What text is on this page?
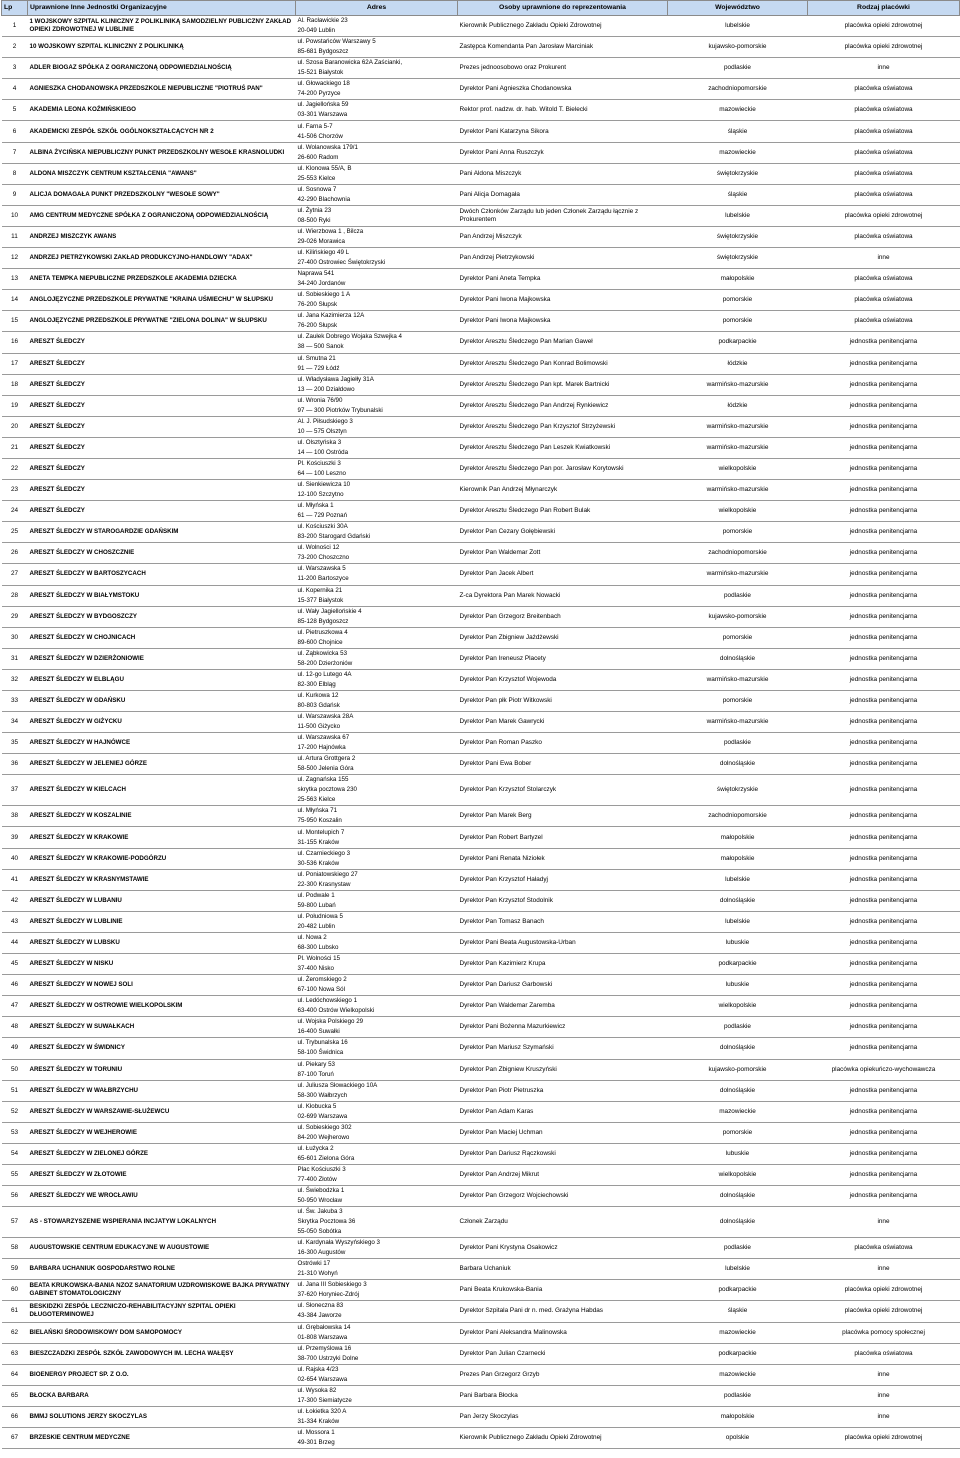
Lp	Uprawnione Inne Jednostki Organizacyjne	Adres	Osoby uprawnione do reprezentowania	Województwo	Rodzaj placówki
1	1 WOJSKOWY SZPITAL KLINICZNY Z POLIKLINIKĄ SAMODZIELNY PUBLICZNY ZAKŁAD OPIEKI ZDROWOTNEJ W LUBLINIE	Al. Racławickie 23
20-049 Lublin	Kierownik Publicznego Zakładu Opieki Zdrowotnej	lubelskie	placówka opieki zdrowotnej
2	10 WOJSKOWY SZPITAL KLINICZNY Z POLIKLINIKĄ	ul. Powstańców Warszawy 5
85-681 Bydgoszcz	Zastępca Komendanta Pan Jarosław Marciniak	kujawsko-pomorskie	placówka opieki zdrowotnej
3	ADLER BIOGAZ SPÓŁKA Z OGRANICZONĄ ODPOWIEDZIALNOŚCIĄ	ul. Szosa Baranowicka 62A Zaścianki,
15-521 Białystok	Prezes jednoosobowo oraz Prokurent	podlaskie	inne
4	AGNIESZKA CHODANOWSKA PRZEDSZKOLE NIEPUBLICZNE "PIOTRUŚ PAN"	ul. Głowackiego 18
74-200 Pyrzyce	Dyrektor Pani Agnieszka Chodanowska	zachodniopomorskie	placówka oświatowa
5	AKADEMIA LEONA KOŹMIŃSKIEGO	ul. Jagiellońska 59
03-301 Warszawa	Rektor prof. nadzw. dr. hab. Witold T. Bielecki	mazowieckie	placówka oświatowa
6	AKADEMICKI ZESPÓŁ SZKÓŁ OGÓLNOKSZTAŁCĄCYCH NR 2	ul. Farna 5-7
41-506 Chorzów	Dyrektor Pani Katarzyna Sikora	śląskie	placówka oświatowa
7	ALBINA ŻYCIŃSKA NIEPUBLICZNY PUNKT PRZEDSZKOLNY WESOŁE KRASNOLUDKI	ul. Wolanowska 179/1
26-600 Radom	Dyrektor Pani Anna Ruszczyk	mazowieckie	placówka oświatowa
8	ALDONA MISZCZYK CENTRUM KSZTAŁCENIA "AWANS"	ul. Klonowa 55/A, B
25-553 Kielce	Pani Aldona Miszczyk	świętokrzyskie	placówka oświatowa
9	ALICJA DOMAGAŁA PUNKT PRZEDSZKOLNY "WESOŁE SOWY"	ul. Sosnowa 7
42-290 Blachownia	Pani Alicja Domagała	śląskie	placówka oświatowa
10	AMG CENTRUM MEDYCZNE SPÓŁKA Z OGRANICZONĄ ODPOWIEDZIALNOŚCIĄ	ul. Żytnia 23
08-500 Ryki	Dwóch Członków Zarządu lub jeden Członek Zarządu łącznie z Prokurentem	lubelskie	placówka opieki zdrowotnej
11	ANDRZEJ MISZCZYK AWANS	ul. Wierzbowa 1 , Bilcza
29-026 Morawica	Pan Andrzej Miszczyk	świętokrzyskie	placówka oświatowa
12	ANDRZEJ PIETRZYKOWSKI ZAKŁAD PRODUKCYJNO-HANDLOWY "ADAX"	ul. Kilińskiego 49 L
27-400 Ostrowiec Świętokrzyski	Pan Andrzej Pietrzykowski	świętokrzyskie	inne
13	ANETA TEMPKA NIEPUBLICZNE PRZEDSZKOLE AKADEMIA DZIECKA	Naprawa 541
34-240 Jordanów	Dyrektor Pani Aneta Tempka	małopolskie	placówka oświatowa
14	ANGLOJĘZYCZNE PRZEDSZKOLE PRYWATNE "KRAINA UŚMIECHU" W SŁUPSKU	ul. Sobieskiego 1 A
76-200 Słupsk	Dyrektor Pani Iwona Majkowska	pomorskie	placówka oświatowa
15	ANGLOJĘZYCZNE PRZEDSZKOLE PRYWATNE "ZIELONA DOLINA" W SŁUPSKU	ul. Jana Kazimierza 12A
76-200 Słupsk	Dyrektor Pani Iwona Majkowska	pomorskie	placówka oświatowa
16	ARESZT ŚLEDCZY	ul. Zaułek Dobrego Wojaka Szwejka 4
38 — 500 Sanok	Dyrektor Aresztu Śledczego Pan Marian Gaweł	podkarpackie	jednostka penitencjarna
17	ARESZT ŚLEDCZY	ul. Smutna 21
91 — 729 Łódź	Dyrektor Aresztu Śledczego Pan Konrad Bolimowski	łódzkie	jednostka penitencjarna
18	ARESZT ŚLEDCZY	ul. Władysława Jagiełły 31A
13 — 200 Działdowo	Dyrektor Aresztu Śledczego Pan kpt. Marek Bartnicki	warmińsko-mazurskie	jednostka penitencjarna
19	ARESZT ŚLEDCZY	ul. Wronia 76/90
97 — 300 Piotrków Trybunalski	Dyrektor Aresztu Śledczego Pan Andrzej Rynkiewicz	łódzkie	jednostka penitencjarna
20	ARESZT ŚLEDCZY	Al. J. Piłsudskiego 3
10 — 575 Olsztyn	Dyrektor Aresztu Śledczego Pan Krzysztof Strzyżewski	warmińsko-mazurskie	jednostka penitencjarna
21	ARESZT ŚLEDCZY	ul. Olsztyńska 3
14 — 100 Ostróda	Dyrektor Aresztu Śledczego Pan Leszek Kwiatkowski	warmińsko-mazurskie	jednostka penitencjarna
22	ARESZT ŚLEDCZY	Pl. Kościuszki 3
64 — 100 Leszno	Dyrektor Aresztu Śledczego Pan por. Jarosław Korytowski	wielkopolskie	jednostka penitencjarna
23	ARESZT ŚLEDCZY	ul. Sienkiewicza 10
12-100 Szczytno	Kierownik Pan Andrzej Młynarczyk	warmińsko-mazurskie	jednostka penitencjarna
24	ARESZT ŚLEDCZY	ul. Młyńska 1
61 — 729 Poznań	Dyrektor Aresztu Śledczego Pan Robert Bulak	wielkopolskie	jednostka penitencjarna
25	ARESZT ŚLEDCZY W STAROGARDZIE GDAŃSKIM	ul. Kościuszki 30A
83-200 Starogard Gdański	Dyrektor Pan Cezary Gołębiewski	pomorskie	jednostka penitencjarna
26	ARESZT ŚLEDCZY W CHOSZCZNIE	ul. Wolności 12
73-200 Choszczno	Dyrektor Pan Waldemar Zott	zachodniopomorskie	jednostka penitencjarna
27	ARESZT ŚLEDCZY W BARTOSZYCACH	ul. Warszawska 5
11-200 Bartoszyce	Dyrektor Pan Jacek Albert	warmińsko-mazurskie	jednostka penitencjarna
28	ARESZT ŚLEDCZY W BIAŁYMSTOKU	ul. Kopernika 21
15-377 Białystok	Z-ca Dyrektora Pan Marek Nowacki	podlaskie	jednostka penitencjarna
29	ARESZT ŚLEDCZY W BYDGOSZCZY	ul. Wały Jagiellońskie 4
85-128 Bydgoszcz	Dyrektor Pan Grzegorz Breitenbach	kujawsko-pomorskie	jednostka penitencjarna
30	ARESZT ŚLEDCZY W CHOJNICACH	ul. Pietruszkowa 4
89-600 Chojnice	Dyrektor Pan Zbigniew Jażdżewski	pomorskie	jednostka penitencjarna
31	ARESZT ŚLEDCZY W DZIERŻONIOWIE	ul. Ząbkowicka 53
58-200 Dzierżoniów	Dyrektor Pan Ireneusz Placety	dolnośląskie	jednostka penitencjarna
32	ARESZT ŚLEDCZY W ELBLĄGU	ul. 12-go Lutego 4A
82-300 Elbląg	Dyrektor Pan Krzysztof Wojewoda	warmińsko-mazurskie	jednostka penitencjarna
33	ARESZT ŚLEDCZY W GDAŃSKU	ul. Kurkowa 12
80-803 Gdańsk	Dyrektor Pan płk Piotr Witkowski	pomorskie	jednostka penitencjarna
34	ARESZT ŚLEDCZY W GIŻYCKU	ul. Warszawska 28A
11-500 Giżycko	Dyrektor Pan Marek Gawrycki	warmińsko-mazurskie	jednostka penitencjarna
35	ARESZT ŚLEDCZY W HAJNÓWCE	ul. Warszawska 67
17-200 Hajnówka	Dyrektor Pan Roman Paszko	podlaskie	jednostka penitencjarna
36	ARESZT ŚLEDCZY W JELENIEJ GÓRZE	ul. Artura Grottgera 2
58-500 Jelenia Góra	Dyrektor Pani Ewa Bober	dolnośląskie	jednostka penitencjarna
37	ARESZT ŚLEDCZY W KIELCACH	ul. Zagnańska 155
skrytka pocztowa 230
25-563 Kielce	Dyrektor Pan Krzysztof Stolarczyk	świętokrzyskie	jednostka penitencjarna
38	ARESZT ŚLEDCZY W KOSZALINIE	ul. Młyńska 71
75-950 Koszalin	Dyrektor Pan Marek Berg	zachodniopomorskie	jednostka penitencjarna
39	ARESZT ŚLEDCZY W KRAKOWIE	ul. Montelupich 7
31-155 Kraków	Dyrektor Pan Robert Bartyzel	małopolskie	jednostka penitencjarna
40	ARESZT ŚLEDCZY W KRAKOWIE-PODGÓRZU	ul. Czarnieckiego 3
30-536 Kraków	Dyrektor Pani Renata Niziołek	małopolskie	jednostka penitencjarna
41	ARESZT ŚLEDCZY W KRASNYMSTAWIE	ul. Poniatowskiego 27
22-300 Krasnystaw	Dyrektor Pan Krzysztof Haładyj	lubelskie	jednostka penitencjarna
42	ARESZT ŚLEDCZY W LUBANIU	ul. Podwale 1
59-800 Lubań	Dyrektor Pan Krzysztof Stodolnik	dolnośląskie	jednostka penitencjarna
43	ARESZT ŚLEDCZY W LUBLINIE	ul. Południowa 5
20-482 Lublin	Dyrektor Pan Tomasz Banach	lubelskie	jednostka penitencjarna
44	ARESZT ŚLEDCZY W LUBSKU	ul. Nowa 2
68-300 Lubsko	Dyrektor Pani Beata Augustowska-Urban	lubuskie	jednostka penitencjarna
45	ARESZT ŚLEDCZY W NISKU	Pl. Wolności 15
37-400 Nisko	Dyrektor Pan Kazimierz Krupa	podkarpackie	jednostka penitencjarna
46	ARESZT ŚLEDCZY W NOWEJ SOLI	ul. Żeromskiego 2
67-100 Nowa Sól	Dyrektor Pan Dariusz Garbowski	lubuskie	jednostka penitencjarna
47	ARESZT ŚLEDCZY W OSTROWIE WIELKOPOLSKIM	ul. Ledóchowskiego 1
63-400 Ostrów Wielkopolski	Dyrektor Pan Waldemar Zaremba	wielkopolskie	jednostka penitencjarna
48	ARESZT ŚLEDCZY W SUWAŁKACH	ul. Wojska Polskiego 29
16-400 Suwałki	Dyrektor Pani Bożenna Mazurkiewicz	podlaskie	jednostka penitencjarna
49	ARESZT ŚLEDCZY W ŚWIDNICY	ul. Trybunalska 16
58-100 Świdnica	Dyrektor Pan Mariusz Szymański	dolnośląskie	jednostka penitencjarna
50	ARESZT ŚLEDCZY W TORUNIU	ul. Piekary 53
87-100 Toruń	Dyrektor Pan Zbigniew Kruszyński	kujawsko-pomorskie	placówka opiekuńczo-wychowawcza
51	ARESZT ŚLEDCZY W WAŁBRZYCHU	ul. Juliusza Słowackiego 10A
58-300 Wałbrzych	Dyrektor Pan Piotr Pietruszka	dolnośląskie	jednostka penitencjarna
52	ARESZT ŚLEDCZY W WARSZAWIE-SŁUŻEWCU	ul. Kłobucka 5
02-699 Warszawa	Dyrektor Pan Adam Karas	mazowieckie	jednostka penitencjarna
53	ARESZT ŚLEDCZY W WEJHEROWIE	ul. Sobieskiego 302
84-200 Wejherowo	Dyrektor Pan Maciej Uchman	pomorskie	jednostka penitencjarna
54	ARESZT ŚLEDCZY W ZIELONEJ GÓRZE	ul. Łużycka 2
65-601 Zielona Góra	Dyrektor Pan Dariusz Rączkowski	lubuskie	jednostka penitencjarna
55	ARESZT ŚLEDCZY W ZŁOTOWIE	Plac Kościuszki 3
77-400 Złotów	Dyrektor Pan Andrzej Mikrut	wielkopolskie	jednostka penitencjarna
56	ARESZT ŚLEDCZY WE WROCŁAWIU	ul. Świebodzka 1
50-950 Wrocław	Dyrektor Pan Grzegorz Wojciechowski	dolnośląskie	jednostka penitencjarna
57	AS - STOWARZYSZENIE WSPIERANIA INCJATYW LOKALNYCH	ul. Św. Jakuba 3
Skrytka Pocztowa 36
55-050 Sobótka	Członek Zarządu	dolnośląskie	inne
58	AUGUSTOWSKIE CENTRUM EDUKACYJNE W AUGUSTOWIE	ul. Kardynała Wyszyńskiego 3
16-300 Augustów	Dyrektor Pani Krystyna Osakowicz	podlaskie	placówka oświatowa
59	BARBARA UCHANIUK GOSPODARSTWO ROLNE	Ostrówki 17
21-310 Wohyń	Barbara Uchaniuk	lubelskie	inne
60	BEATA KRUKOWSKA-BANIA NZOZ SANATORIUM UZDROWISKOWE BAJKA PRYWATNY GABINET STOMATOLOGICZNY	ul. Jana III Sobieskiego 3
37-620 Horyniec-Zdrój	Pani Beata Krukowska-Bania	podkarpackie	placówka opieki zdrowotnej
61	BESKIDZKI ZESPÓŁ LECZNICZO-REHABILITACYJNY SZPITAL OPIEKI DŁUGOTERMINOWEJ	ul. Słoneczna 83
43-384 Jaworze	Dyrektor Szpitala Pani dr n. med. Grażyna Habdas	śląskie	placówka opieki zdrowotnej
62	BIELAŃSKI ŚRODOWISKOWY DOM SAMOPOMOCY	ul. Grębałowska 14
01-808 Warszawa	Dyrektor Pani Aleksandra Malinowska	mazowieckie	placówka pomocy społecznej
63	BIESZCZADZKI ZESPÓŁ SZKÓŁ ZAWODOWYCH IM. LECHA WAŁĘSY	ul. Przemyślowa 16
38-700 Ustrzyki Dolne	Dyrektor Pan Julian Czarnecki	podkarpackie	placówka oświatowa
64	BIOENERGY PROJECT SP. Z O.O.	ul. Rajska 4/23
02-654 Warszawa	Prezes Pan Grzegorz Grzyb	mazowieckie	inne
65	BŁOCKA BARBARA	ul. Wysoka 82
17-300 Siemiatycze	Pani Barbara Błocka	podlaskie	inne
66	BMMJ SOLUTIONS JERZY SKOCZYLAS	ul. Łokietka 320 A
31-334 Kraków	Pan Jerzy Skoczylas	małopolskie	inne
67	BRZESKIE CENTRUM MEDYCZNE	ul. Mossora 1
49-301 Brzeg	Kierownik Publicznego Zakładu Opieki Zdrowotnej	opolskie	placówka opieki zdrowotnej
